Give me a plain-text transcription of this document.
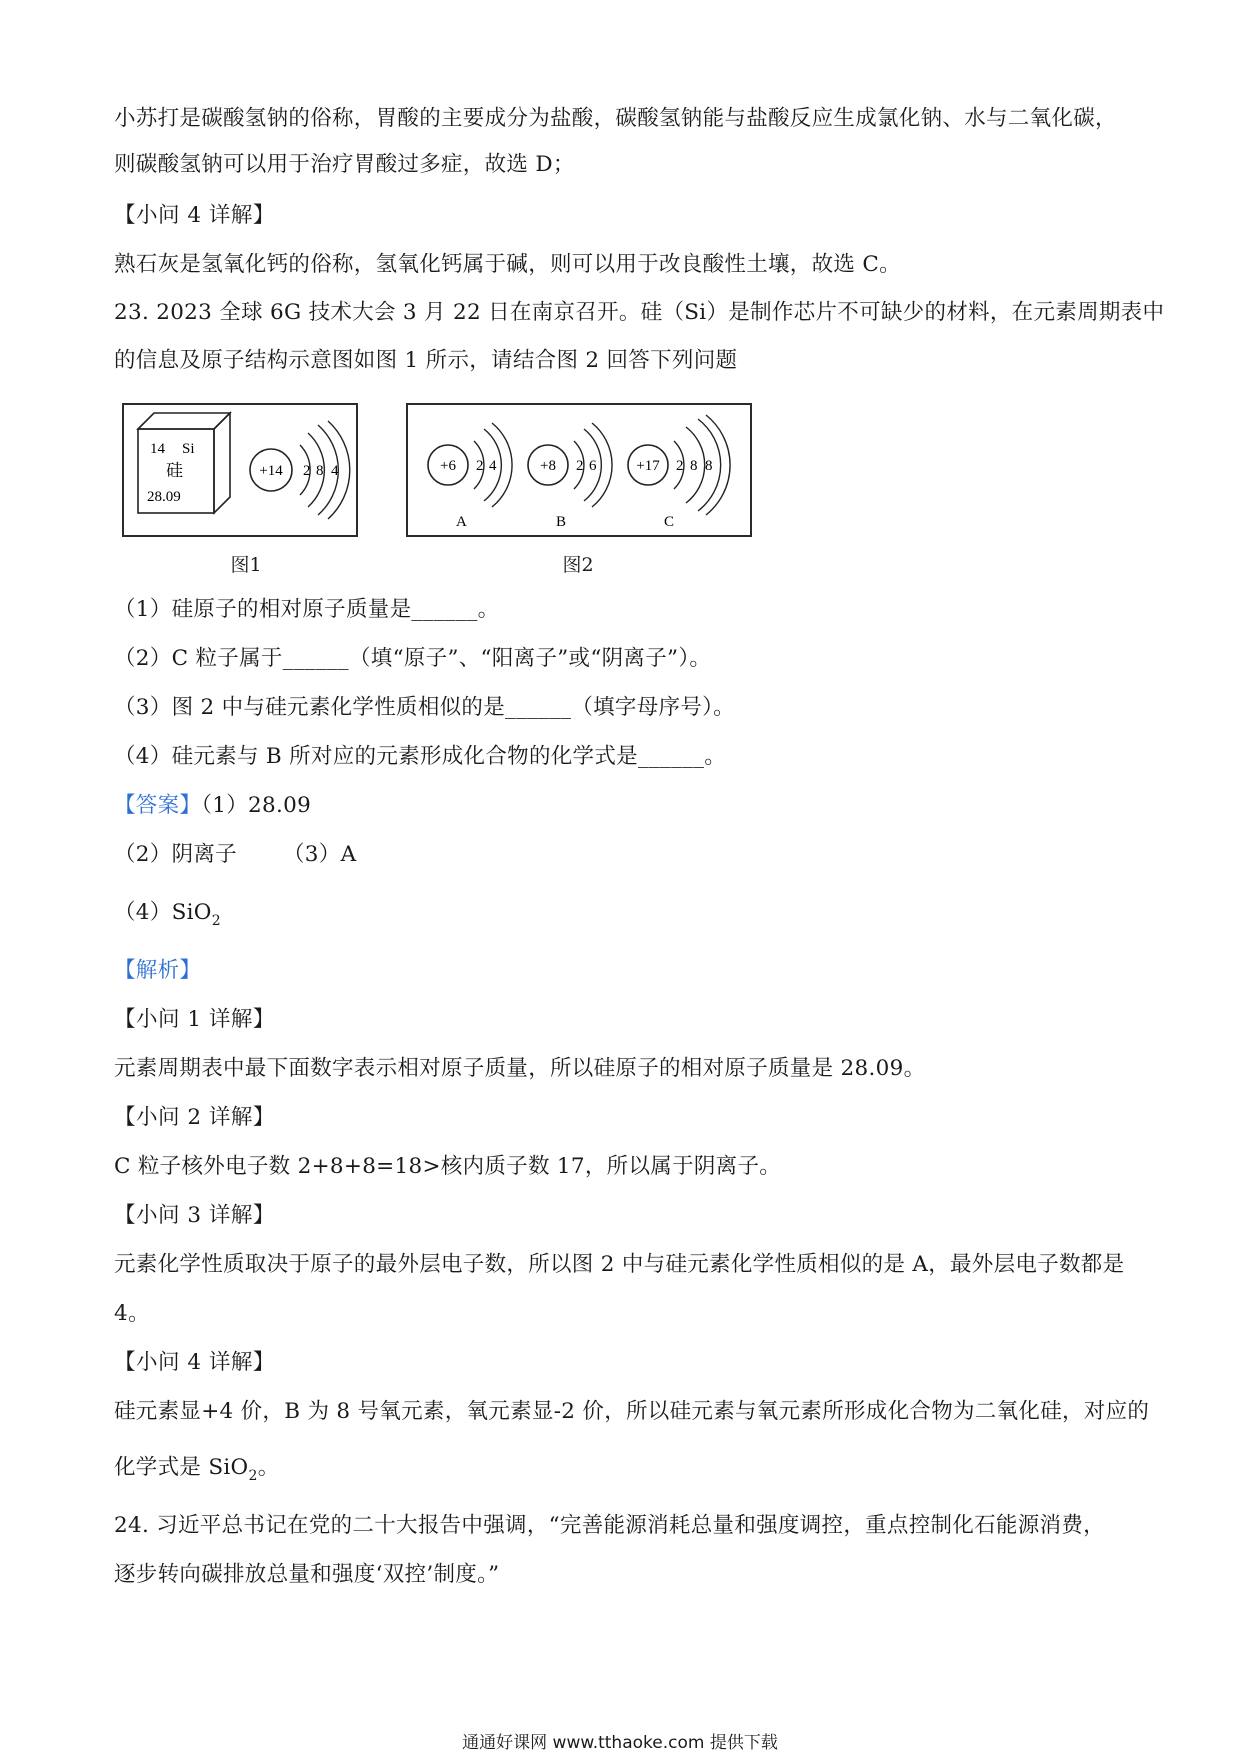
小苏打是碳酸氢钠的俗称，胃酸的主要成分为盐酸，碳酸氢钠能与盐酸反应生成氯化钠、水与二氧化碳，
则碳酸氢钠可以用于治疗胃酸过多症，故选 D；
【小问 4 详解】
熟石灰是氢氧化钙的俗称，氢氧化钙属于碱，则可以用于改良酸性土壤，故选 C。
23. 2023 全球 6G 技术大会 3 月 22 日在南京召开。硅（Si）是制作芯片不可缺少的材料，在元素周期表中
的信息及原子结构示意图如图 1 所示，请结合图 2 回答下列问题
14 Si
硅
28.09
+14 2 8 4
图1
+6 2 4
A
+8 2 6
B
+17 2 8 8
C
图2
（1）硅原子的相对原子质量是______。
（2）C 粒子属于______（填“原子”、“阳离子”或“阴离子”）。
（3）图 2 中与硅元素化学性质相似的是______（填字母序号）。
（4）硅元素与 B 所对应的元素形成化合物的化学式是______。
【答案】（1）28.09
（2）阴离子 （3）A
（4）SiO$_2$
【解析】
【小问 1 详解】
元素周期表中最下面数字表示相对原子质量，所以硅原子的相对原子质量是 28.09。
【小问 2 详解】
C 粒子核外电子数 2+8+8=18>核内质子数 17，所以属于阴离子。
【小问 3 详解】
元素化学性质取决于原子的最外层电子数，所以图 2 中与硅元素化学性质相似的是 A，最外层电子数都是
4。
【小问 4 详解】
硅元素显+4 价，B 为 8 号氧元素，氧元素显-2 价，所以硅元素与氧元素所形成化合物为二氧化硅，对应的
化学式是 SiO$_2$。
24. 习近平总书记在党的二十大报告中强调，“完善能源消耗总量和强度调控，重点控制化石能源消费，
逐步转向碳排放总量和强度‘双控’制度。”
通通好课网 www.tthaoke.com 提供下载
